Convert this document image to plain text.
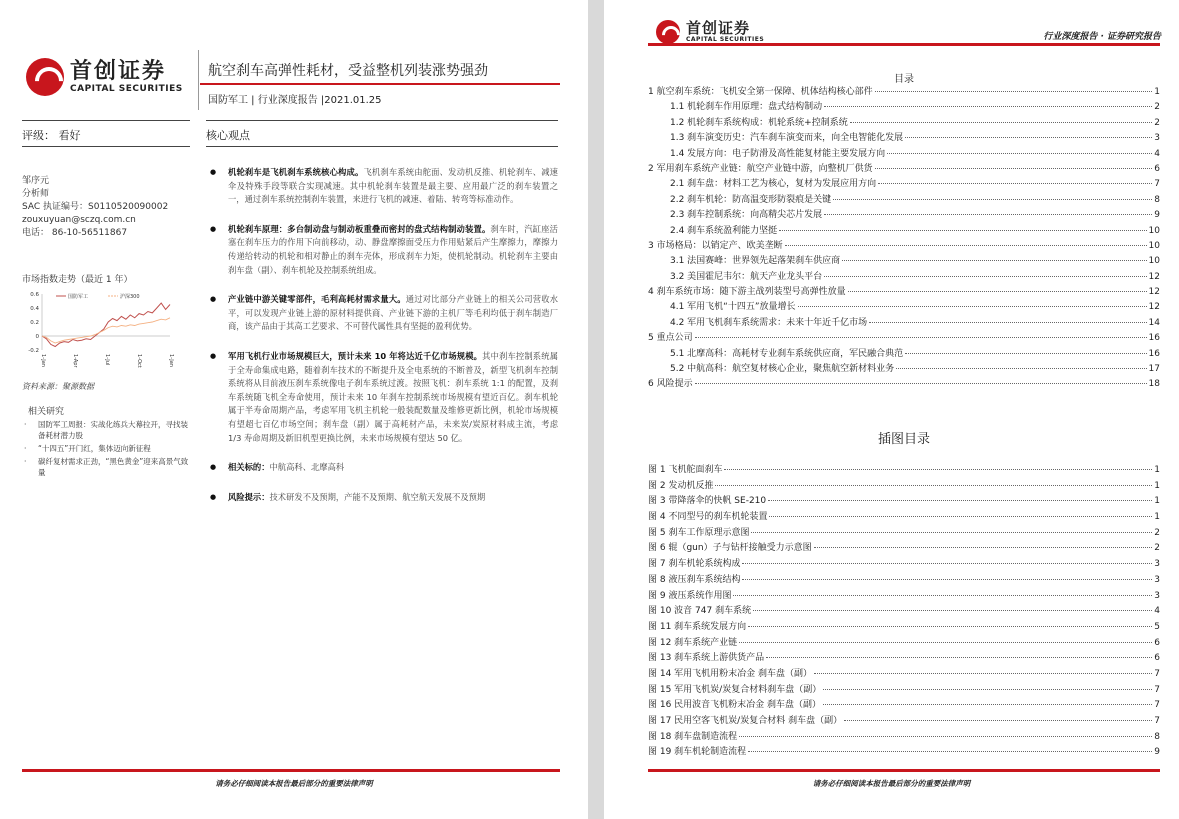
首创证券
CAPITAL SECURITIES
航空刹车高弹性耗材，受益整机列装涨势强劲
国防军工 | 行业深度报告 |2021.01.25
评级： 看好	核心观点
邹序元
分析师
SAC 执证编号：S0110520090002
zouxuyuan@sczq.com.cn
电话： 86-10-56511867
市场指数走势（最近 1 年）
0.6
0.4
0.2
0
-0.2
1-Jan	1-Apr	1-Jul	1-Oct	1-Jan
国防军工	沪深300
资料来源：聚源数据
相关研究
· 国防军工周报：实战化练兵大幕拉开，寻找装备耗材潜力股
· “十四五”开门红，集体迈向新征程
· 碳纤复材需求正劲，“黑色黄金”迎来高景气致量
● 机轮刹车是飞机刹车系统核心构成。飞机刹车系统由舵面、发动机反推、机轮刹车、减速伞及特殊手段等联合实现减速。其中机轮刹车装置是最主要、应用最广泛的刹车装置之一，通过刹车系统控制刹车装置，来进行飞机的减速、着陆、转弯等标准动作。
● 机轮刹车原理：多台制动盘与制动板重叠而密封的盘式结构制动装置。刹车时，汽缸座活塞在刹车压力的作用下向前移动，动、静盘摩擦面受压力作用贴紧后产生摩擦力，摩擦力传递给转动的机轮和相对静止的刹车壳体，形成刹车力矩，使机轮制动。机轮刹车主要由刹车盘（副）、刹车机轮及控制系统组成。
● 产业链中游关键零部件，毛利高耗材需求量大。通过对比部分产业链上的相关公司营收水平，可以发现产业链上游的原材料提供商、产业链下游的主机厂等毛利均低于刹车制造厂商，该产品由于其高工艺要求、不可替代属性具有坚挺的盈利优势。
● 军用飞机行业市场规模巨大，预计未来 10 年将达近千亿市场规模。其中刹车控制系统属于全寿命集成电路，随着刹车技术的不断提升及全电系统的不断普及，新型飞机刹车控制系统将从目前液压刹车系统像电子刹车系统过渡。按照飞机：刹车系统 1:1 的配置，及刹车系统随飞机全寿命使用，预计未来 10 年刹车控制系统市场规模有望近百亿。刹车机轮属于半寿命周期产品，考虑军用飞机主机轮一般装配数量及维修更新比例，机轮市场规模有望超七百亿市场空间；刹车盘（副）属于高耗材产品，未来炭/炭原材料成主流，考虑 1/3 寿命周期及新旧机型更换比例，未来市场规模有望达 50 亿。
● 相关标的：中航高科、北摩高科
● 风险提示：技术研发不及预期，产能不及预期、航空航天发展不及预期
请务必仔细阅读本报告最后部分的重要法律声明
首创证券
CAPITAL SECURITIES	行业深度报告 · 证券研究报告
目录
1 航空刹车系统：飞机安全第一保障、机体结构核心部件	1
1.1 机轮刹车作用原理：盘式结构制动	2
1.2 机轮刹车系统构成：机轮系统+控制系统	2
1.3 刹车演变历史：汽车刹车演变而来，向全电智能化发展	3
1.4 发展方向：电子防滑及高性能复材能主要发展方向	4
2 军用刹车系统产业链：航空产业链中游，向整机厂供货	6
2.1 刹车盘：材料工艺为核心，复材为发展应用方向	7
2.2 刹车机轮：防高温变形防裂痕是关键	8
2.3 刹车控制系统：向高精尖芯片发展	9
2.4 刹车系统盈利能力坚挺	10
3 市场格局：以销定产、欧美垄断	10
3.1 法国赛峰：世界领先起落架刹车供应商	10
3.2 美国霍尼韦尔：航天产业龙头平台	12
4 刹车系统市场：随下游主战列装型号高弹性放量	12
4.1 军用飞机“十四五”放量增长	12
4.2 军用飞机刹车系统需求：未来十年近千亿市场	14
5 重点公司	16
5.1 北摩高科：高耗材专业刹车系统供应商，军民融合典范	16
5.2 中航高科：航空复材核心企业，聚焦航空新材料业务	17
6 风险提示	18
插图目录
图 1 飞机舵面刹车	1
图 2 发动机反推	1
图 3 带降落伞的快帆 SE-210	1
图 4 不同型号的刹车机轮装置	1
图 5 刹车工作原理示意图	2
图 6 辊（gun）子与钻杆接触受力示意图	2
图 7 刹车机轮系统构成	3
图 8 液压刹车系统结构	3
图 9 液压系统作用图	3
图 10 波音 747 刹车系统	4
图 11 刹车系统发展方向	5
图 12 刹车系统产业链	6
图 13 刹车系统上游供货产品	6
图 14 军用飞机用粉末冶金 刹车盘（副）	7
图 15 军用飞机炭/炭复合材料刹车盘（副）	7
图 16 民用波音飞机粉末冶金 刹车盘（副）	7
图 17 民用空客飞机炭/炭复合材料 刹车盘（副）	7
图 18 刹车盘制造流程	8
图 19 刹车机轮制造流程	9
请务必仔细阅读本报告最后部分的重要法律声明
